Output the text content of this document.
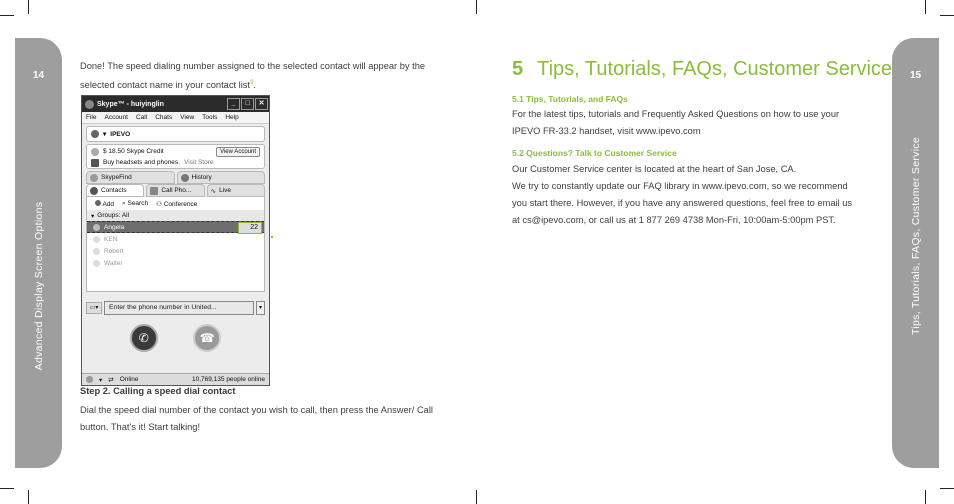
14
Advanced Display Screen Options
15
Tips, Tutorials, FAQs, Customer Service
Done! The speed dialing number assigned to the selected contact will appear by the selected contact name in your contact list$^3$.
Skype™ - huiyinglin	_	□	✕
File Account Call Chats View Tools Help
▾ IPEVO
$ 18.50 Skype Credit	View Account
Buy headsets and phones. Visit Store
SkypeFind	History
Contacts	Call Pho...	∿ Live
Add ⌕ Search ⚇ Conference
▾ Groups: All
Angela	22
KEN
Robert
Walter
▭▾	Enter the phone number in United...	▾
✆	☎
▾ ⇄ Online	10,769,135 people online
Step 2. Calling a speed dial contact
Dial the speed dial number of the contact you wish to call, then press the Answer/ Call button. That’s it! Start talking!
5 Tips, Tutorials, FAQs, Customer Service
5.1 Tips, Tutorials, and FAQs
For the latest tips, tutorials and Frequently Asked Questions on how to use your
IPEVO FR-33.2 handset, visit www.ipevo.com
5.2 Questions? Talk to Customer Service
Our Customer Service center is located at the heart of San Jose, CA.
We try to constantly update our FAQ library in www.ipevo.com, so we recommend
you start there. However, if you have any answered questions, feel free to email us
at cs@ipevo.com, or call us at 1 877 269 4738 Mon-Fri, 10:00am-5:00pm PST.
